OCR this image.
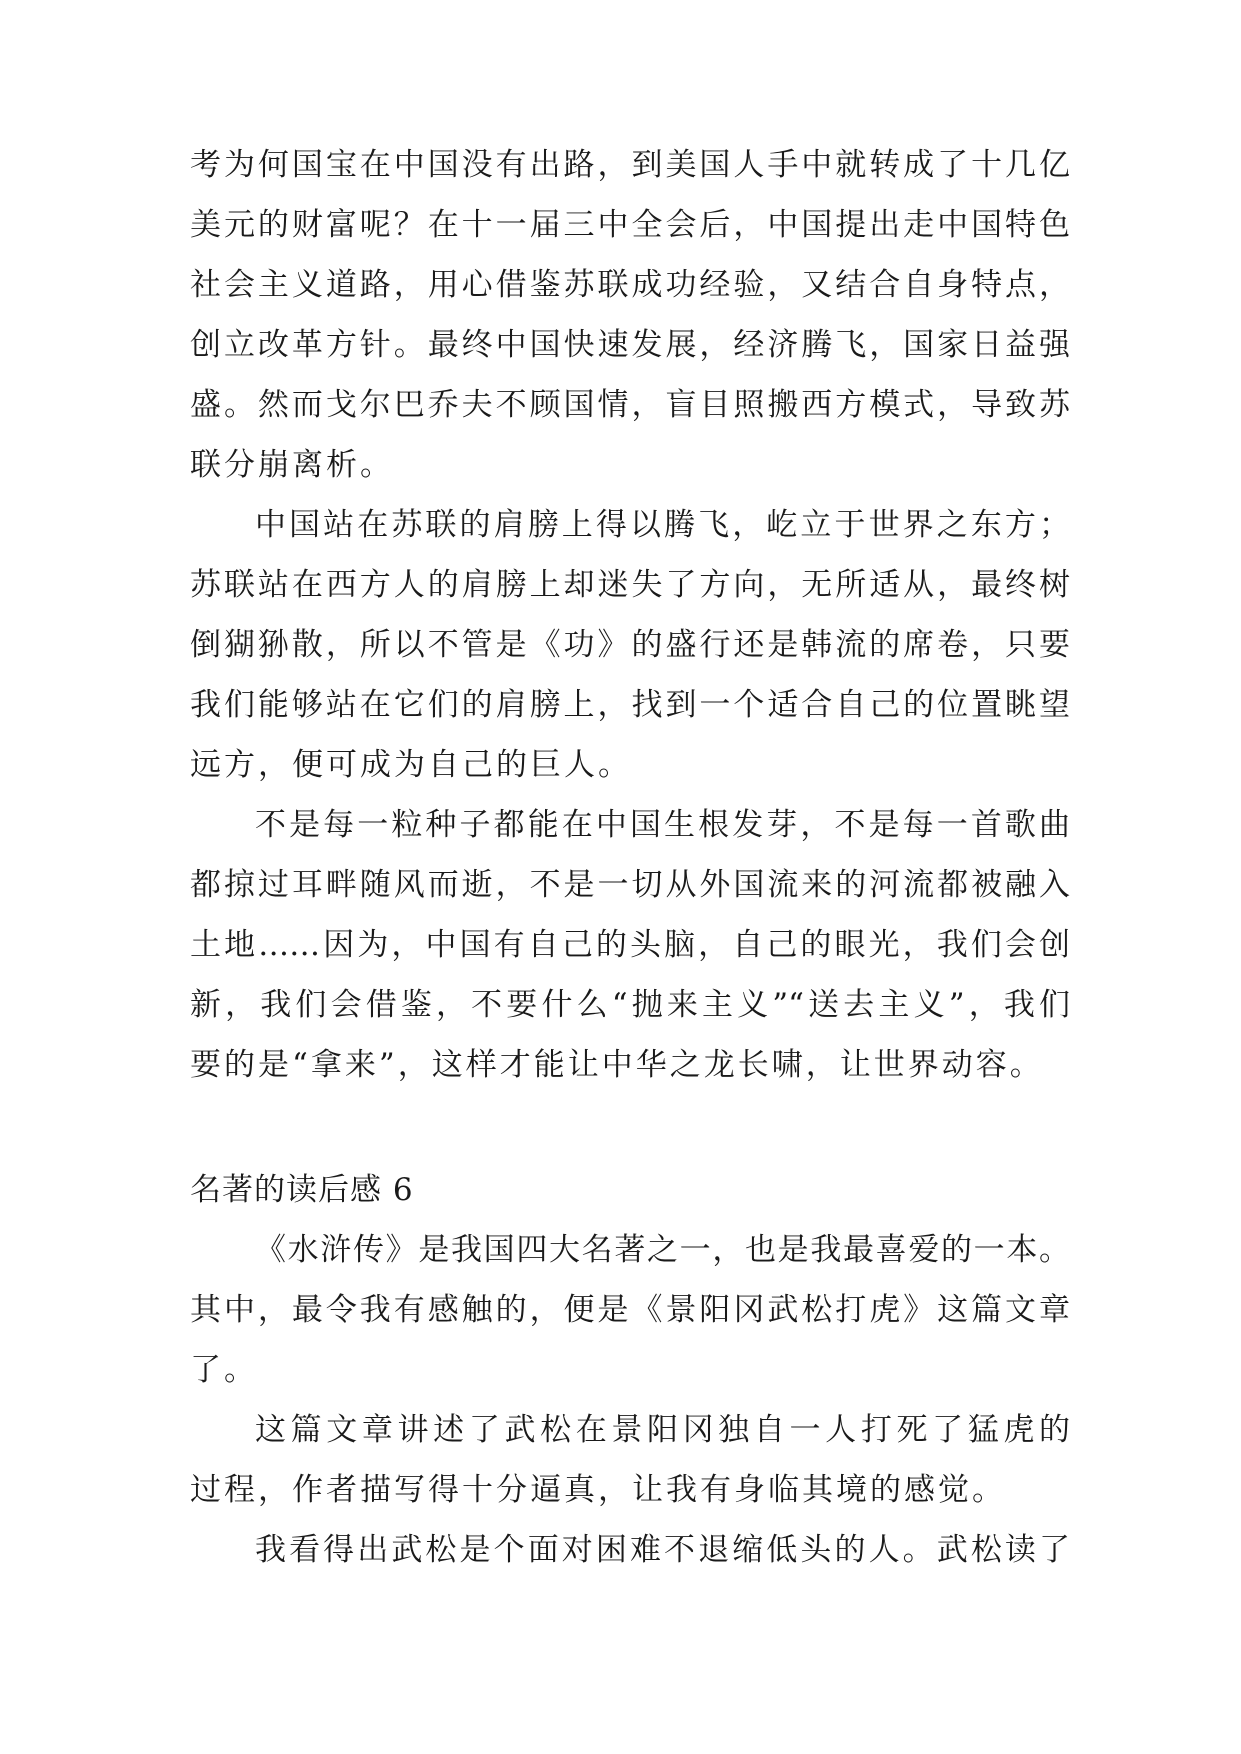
考为何国宝在中国没有出路，到美国人手中就转成了十几亿
美元的财富呢？在十一届三中全会后，中国提出走中国特色
社会主义道路，用心借鉴苏联成功经验，又结合自身特点，
创立改革方针。最终中国快速发展，经济腾飞，国家日益强
盛。然而戈尔巴乔夫不顾国情，盲目照搬西方模式，导致苏
联分崩离析。
中国站在苏联的肩膀上得以腾飞，屹立于世界之东方；
苏联站在西方人的肩膀上却迷失了方向，无所适从，最终树
倒猢狲散，所以不管是《功》的盛行还是韩流的席卷，只要
我们能够站在它们的肩膀上，找到一个适合自己的位置眺望
远方，便可成为自己的巨人。
不是每一粒种子都能在中国生根发芽，不是每一首歌曲
都掠过耳畔随风而逝，不是一切从外国流来的河流都被融入
土地……因为，中国有自己的头脑，自己的眼光，我们会创
新，我们会借鉴，不要什么“抛来主义”“送去主义”，我们
要的是“拿来”，这样才能让中华之龙长啸，让世界动容。
名著的读后感 6
《水浒传》是我国四大名著之一，也是我最喜爱的一本。
其中，最令我有感触的，便是《景阳冈武松打虎》这篇文章
了。
这篇文章讲述了武松在景阳冈独自一人打死了猛虎的
过程，作者描写得十分逼真，让我有身临其境的感觉。
我看得出武松是个面对困难不退缩低头的人。武松读了
